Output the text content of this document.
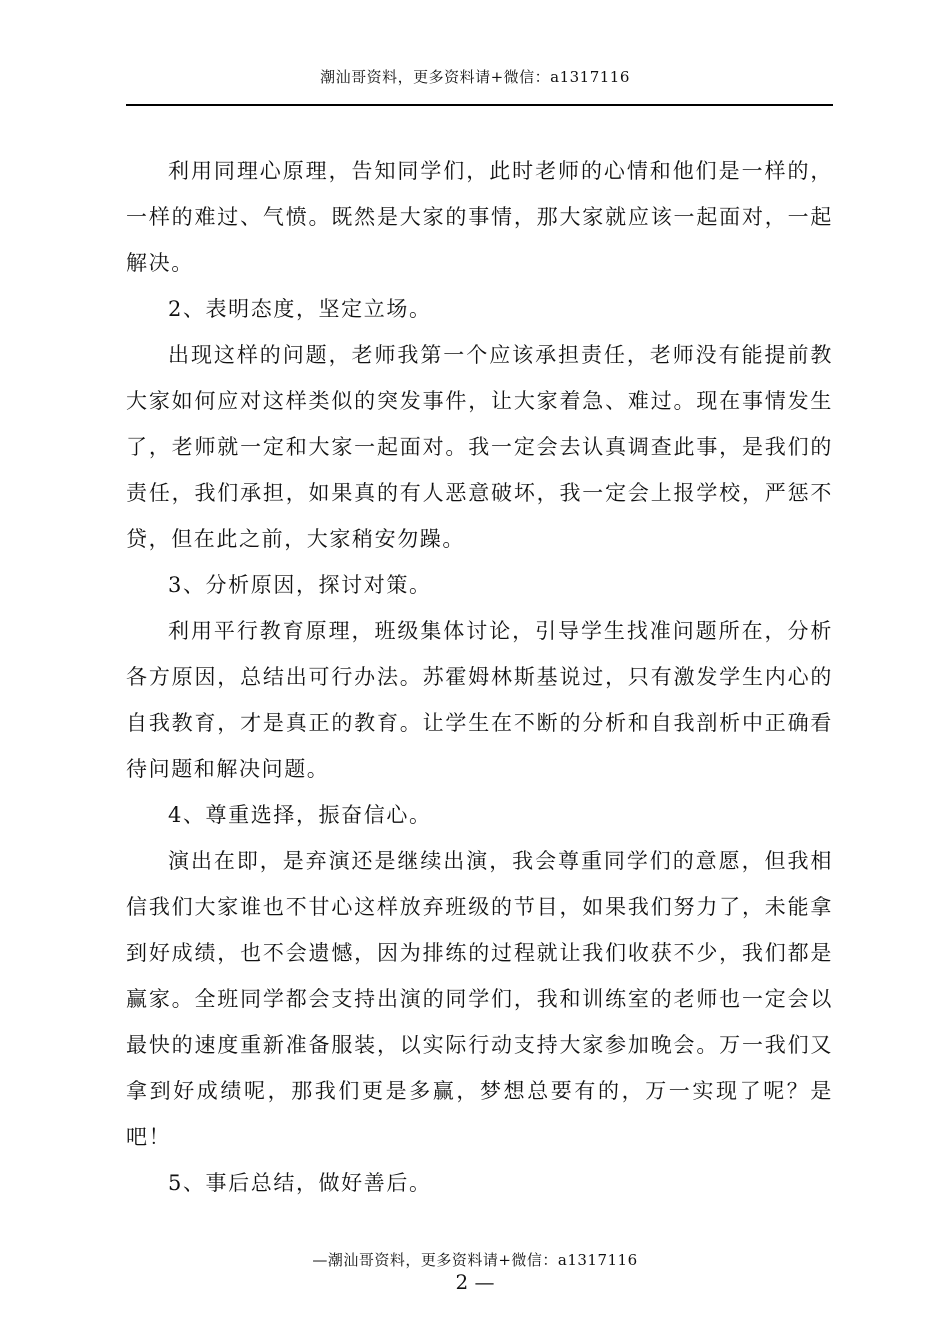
潮汕哥资料，更多资料请+微信：a1317116

利用同理心原理，告知同学们，此时老师的心情和他们是一样的，一样的难过、气愤。既然是大家的事情，那大家就应该一起面对，一起解决。

2、表明态度，坚定立场。

出现这样的问题，老师我第一个应该承担责任，老师没有能提前教大家如何应对这样类似的突发事件，让大家着急、难过。现在事情发生了，老师就一定和大家一起面对。我一定会去认真调查此事，是我们的责任，我们承担，如果真的有人恶意破坏，我一定会上报学校，严惩不贷，但在此之前，大家稍安勿躁。

3、分析原因，探讨对策。

利用平行教育原理，班级集体讨论，引导学生找准问题所在，分析各方原因，总结出可行办法。苏霍姆林斯基说过，只有激发学生内心的自我教育，才是真正的教育。让学生在不断的分析和自我剖析中正确看待问题和解决问题。

4、尊重选择，振奋信心。

演出在即，是弃演还是继续出演，我会尊重同学们的意愿，但我相信我们大家谁也不甘心这样放弃班级的节目，如果我们努力了，未能拿到好成绩，也不会遗憾，因为排练的过程就让我们收获不少，我们都是赢家。全班同学都会支持出演的同学们，我和训练室的老师也一定会以最快的速度重新准备服装，以实际行动支持大家参加晚会。万一我们又拿到好成绩呢，那我们更是多赢，梦想总要有的，万一实现了呢？是吧！

5、事后总结，做好善后。

—潮汕哥资料，更多资料请+微信：a1317116
2 —
